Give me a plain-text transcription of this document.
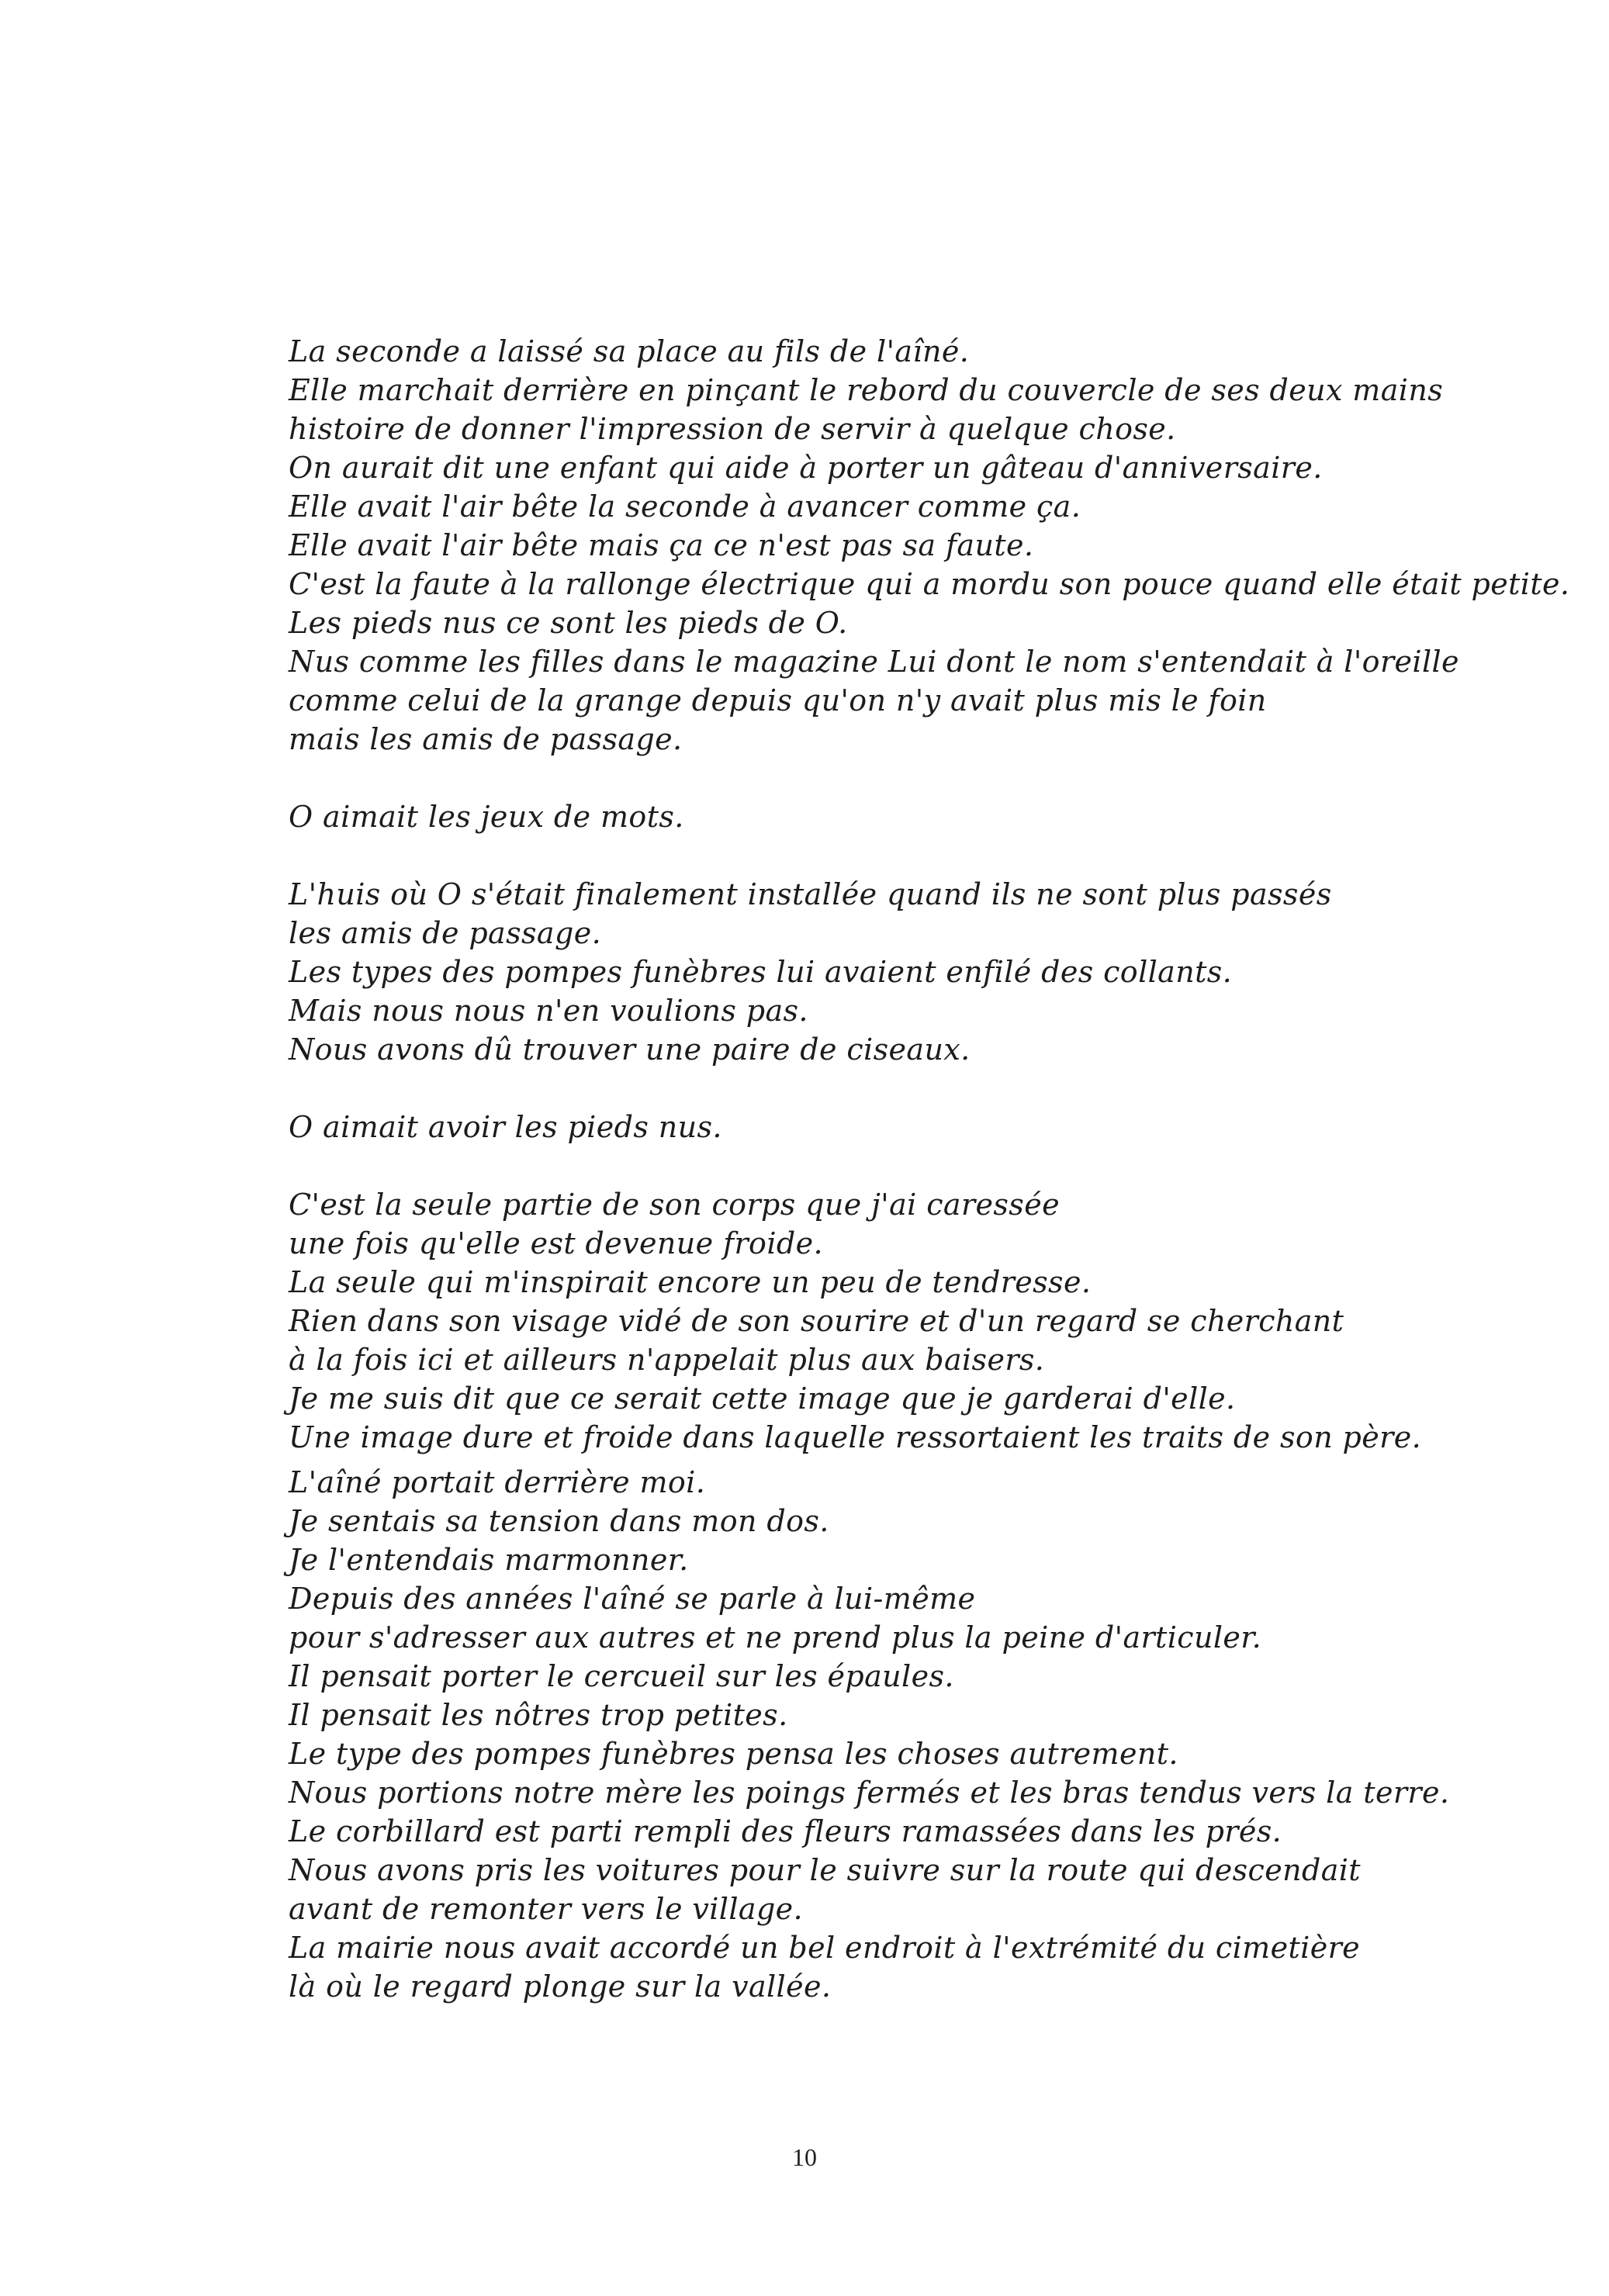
La seconde a laissé sa place au fils de l'aîné.
Elle marchait derrière en pinçant le rebord du couvercle de ses deux mains
histoire de donner l'impression de servir à quelque chose.
On aurait dit une enfant qui aide à porter un gâteau d'anniversaire.
Elle avait l'air bête la seconde à avancer comme ça.
Elle avait l'air bête mais ça ce n'est pas sa faute.
C'est la faute à la rallonge électrique qui a mordu son pouce quand elle était petite.
Les pieds nus ce sont les pieds de O.
Nus comme les filles dans le magazine Lui dont le nom s'entendait à l'oreille
comme celui de la grange depuis qu'on n'y avait plus mis le foin
mais les amis de passage.
O aimait les jeux de mots.
L'huis où O s'était finalement installée quand ils ne sont plus passés
les amis de passage.
Les types des pompes funèbres lui avaient enfilé des collants.
Mais nous nous n'en voulions pas.
Nous avons dû trouver une paire de ciseaux.
O aimait avoir les pieds nus.
C'est la seule partie de son corps que j'ai caressée
une fois qu'elle est devenue froide.
La seule qui m'inspirait encore un peu de tendresse.
Rien dans son visage vidé de son sourire et d'un regard se cherchant
à la fois ici et ailleurs n'appelait plus aux baisers.
Je me suis dit que ce serait cette image que je garderai d'elle.
Une image dure et froide dans laquelle ressortaient les traits de son père.
L'aîné portait derrière moi.
Je sentais sa tension dans mon dos.
Je l'entendais marmonner.
Depuis des années l'aîné se parle à lui-même
pour s'adresser aux autres et ne prend plus la peine d'articuler.
Il pensait porter le cercueil sur les épaules.
Il pensait les nôtres trop petites.
Le type des pompes funèbres pensa les choses autrement.
Nous portions notre mère les poings fermés et les bras tendus vers la terre.
Le corbillard est parti rempli des fleurs ramassées dans les prés.
Nous avons pris les voitures pour le suivre sur la route qui descendait
avant de remonter vers le village.
La mairie nous avait accordé un bel endroit à l'extrémité du cimetière
là où le regard plonge sur la vallée.
10
